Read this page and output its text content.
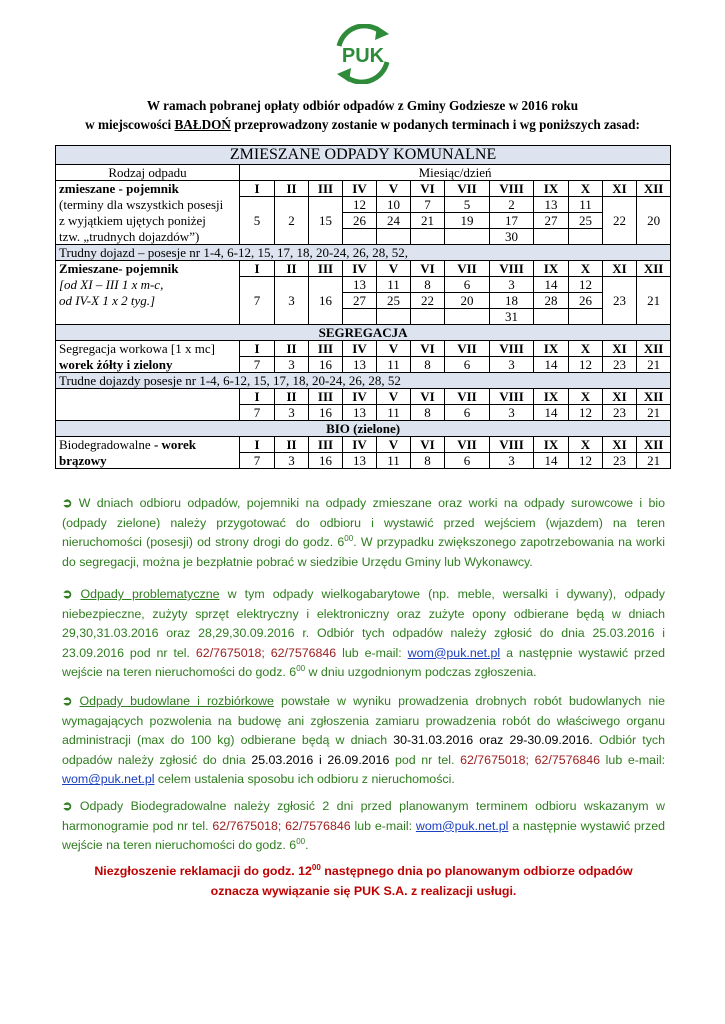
PUK
W ramach pobranej opłaty odbiór odpadów z Gminy Godziesze w 2016 roku
w miejscowości BAŁDOŃ przeprowadzony zostanie w podanych terminach i wg poniższych zasad:
ZMIESZANE ODPADY KOMUNALNE												
Rodzaj odpadu	Miesiąc/dzień											
zmieszane - pojemnik	I	II	III	IV	V	VI	VII	VIII	IX	X	XI	XII
(terminy dla wszystkich posesji				12	10	7	5	2	13	11		
z wyjątkiem ujętych poniżej	5	2	15	26	24	21	19	17	27	25	22	20
tzw. „trudnych dojazdów”)								30				
Trudny dojazd – posesje nr 1-4, 6-12, 15, 17, 18, 20-24, 26, 28, 52,												
Zmieszane- pojemnik	I	II	III	IV	V	VI	VII	VIII	IX	X	XI	XII
[od XI – III 1 x m-c,				13	11	8	6	3	14	12		
od IV-X 1 x 2 tyg.]	7	3	16	27	25	22	20	18	28	26	23	21
								31				
SEGREGACJA												
Segregacja workowa [1 x mc]	I	II	III	IV	V	VI	VII	VIII	IX	X	XI	XII
worek żółty i zielony	7	3	16	13	11	8	6	3	14	12	23	21
Trudne dojazdy posesje nr 1-4, 6-12, 15, 17, 18, 20-24, 26, 28, 52												
	I	II	III	IV	V	VI	VII	VIII	IX	X	XI	XII
	7	3	16	13	11	8	6	3	14	12	23	21
BIO (zielone)												
Biodegradowalne - worek	I	II	III	IV	V	VI	VII	VIII	IX	X	XI	XII
brązowy	7	3	16	13	11	8	6	3	14	12	23	21
➲ W dniach odbioru odpadów, pojemniki na odpady zmieszane oraz worki na odpady surowcowe i bio (odpady zielone) należy przygotować do odbioru i wystawić przed wejściem (wjazdem) na teren nieruchomości (posesji) od strony drogi do godz. $6^{00}$. W przypadku zwiększonego zapotrzebowania na worki do segregacji, można je bezpłatnie pobrać w siedzibie Urzędu Gminy lub Wykonawcy.
➲ Odpady problematyczne w tym odpady wielkogabarytowe (np. meble, wersalki i dywany), odpady niebezpieczne, zużyty sprzęt elektryczny i elektroniczny oraz zużyte opony odbierane będą w dniach 29,30,31.03.2016 oraz 28,29,30.09.2016 r. Odbiór tych odpadów należy zgłosić do dnia 25.03.2016 i 23.09.2016 pod nr tel. 62/7675018; 62/7576846 lub e-mail: wom@puk.net.pl a następnie wystawić przed wejście na teren nieruchomości do godz. $6^{00}$ w dniu uzgodnionym podczas zgłoszenia.
➲ Odpady budowlane i rozbiórkowe powstałe w wyniku prowadzenia drobnych robót budowlanych nie wymagających pozwolenia na budowę ani zgłoszenia zamiaru prowadzenia robót do właściwego organu administracji (max do 100 kg) odbierane będą w dniach 30-31.03.2016 oraz 29-30.09.2016. Odbiór tych odpadów należy zgłosić do dnia 25.03.2016 i 26.09.2016 pod nr tel. 62/7675018; 62/7576846 lub e-mail: wom@puk.net.pl celem ustalenia sposobu ich odbioru z nieruchomości.
➲ Odpady Biodegradowalne należy zgłosić 2 dni przed planowanym terminem odbioru wskazanym w harmonogramie pod nr tel. 62/7675018; 62/7576846 lub e-mail: wom@puk.net.pl a następnie wystawić przed wejście na teren nieruchomości do godz. $6^{00}$.
Niezgłoszenie reklamacji do godz. $12^{00}$ następnego dnia po planowanym odbiorze odpadów
oznacza wywiązanie się PUK S.A. z realizacji usługi.
